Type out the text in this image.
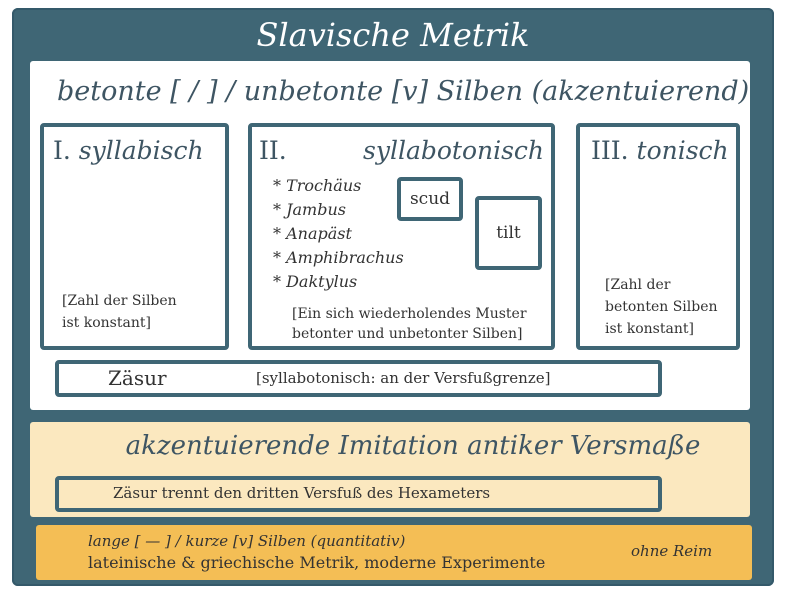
Slavische Metrik
betonte [ / ] / unbetonte [v] Silben (akzentuierend)
I. syllabisch
[Zahl der Silben
ist konstant]
II.	syllabotonisch
* Trochäus
* Jambus
* Anapäst
* Amphibrachus
* Daktylus
scud
tilt
[Ein sich wiederholendes Muster
betonter und unbetonter Silben]
III. tonisch
[Zahl der
betonten Silben
ist konstant]
Zäsur	[syllabotonisch: an der Versfußgrenze]
akzentuierende Imitation antiker Versmaße
Zäsur trennt den dritten Versfuß des Hexameters
lange [ — ] / kurze [v] Silben (quantitativ)
lateinische & griechische Metrik, moderne Experimente
ohne Reim
